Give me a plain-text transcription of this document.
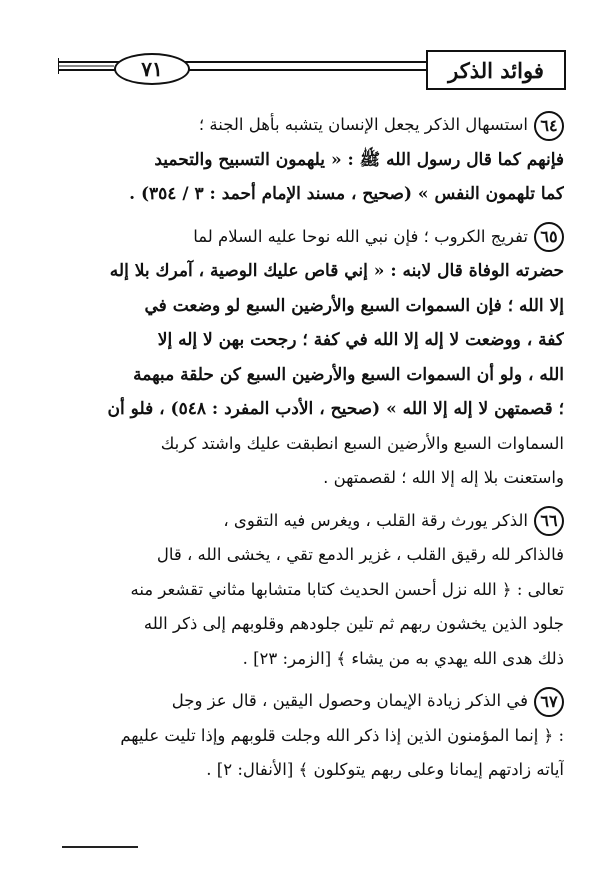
٧١	فوائد الذكر
٦٤استسهال الذكر يجعل الإنسان يتشبه بأهل الجنة ؛
فإنهم كما قال رسول الله ﷺ : « يلهمون التسبيح والتحميد
كما تلهمون النفس » (صحيح ، مسند الإمام أحمد : ٣ / ٣٥٤) .
٦٥تفريج الكروب ؛ فإن نبي الله نوحا عليه السلام لما
حضرته الوفاة قال لابنه : « إني قاص عليك الوصية ، آمرك بلا إله
إلا الله ؛ فإن السموات السبع والأرضين السبع لو وضعت في
كفة ، ووضعت لا إله إلا الله في كفة ؛ رجحت بهن لا إله إلا
الله ، ولو أن السموات السبع والأرضين السبع كن حلقة مبهمة
؛ قصمتهن لا إله إلا الله » (صحيح ، الأدب المفرد : ٥٤٨) ، فلو أن
السماوات السبع والأرضين السبع انطبقت عليك واشتد كربك
واستعنت بلا إله إلا الله ؛ لقصمتهن .
٦٦الذكر يورث رقة القلب ، ويغرس فيه التقوى ،
فالذاكر لله رقيق القلب ، غزير الدمع تقي ، يخشى الله ، قال
تعالى : ﴿ الله نزل أحسن الحديث كتابا متشابها مثاني تقشعر منه
جلود الذين يخشون ربهم ثم تلين جلودهم وقلوبهم إلى ذكر الله
ذلك هدى الله يهدي به من يشاء ﴾ [الزمر: ٢٣] .
٦٧في الذكر زيادة الإيمان وحصول اليقين ، قال عز وجل
: ﴿ إنما المؤمنون الذين إذا ذكر الله وجلت قلوبهم وإذا تليت عليهم
آياته زادتهم إيمانا وعلى ربهم يتوكلون ﴾ [الأنفال: ٢] .
